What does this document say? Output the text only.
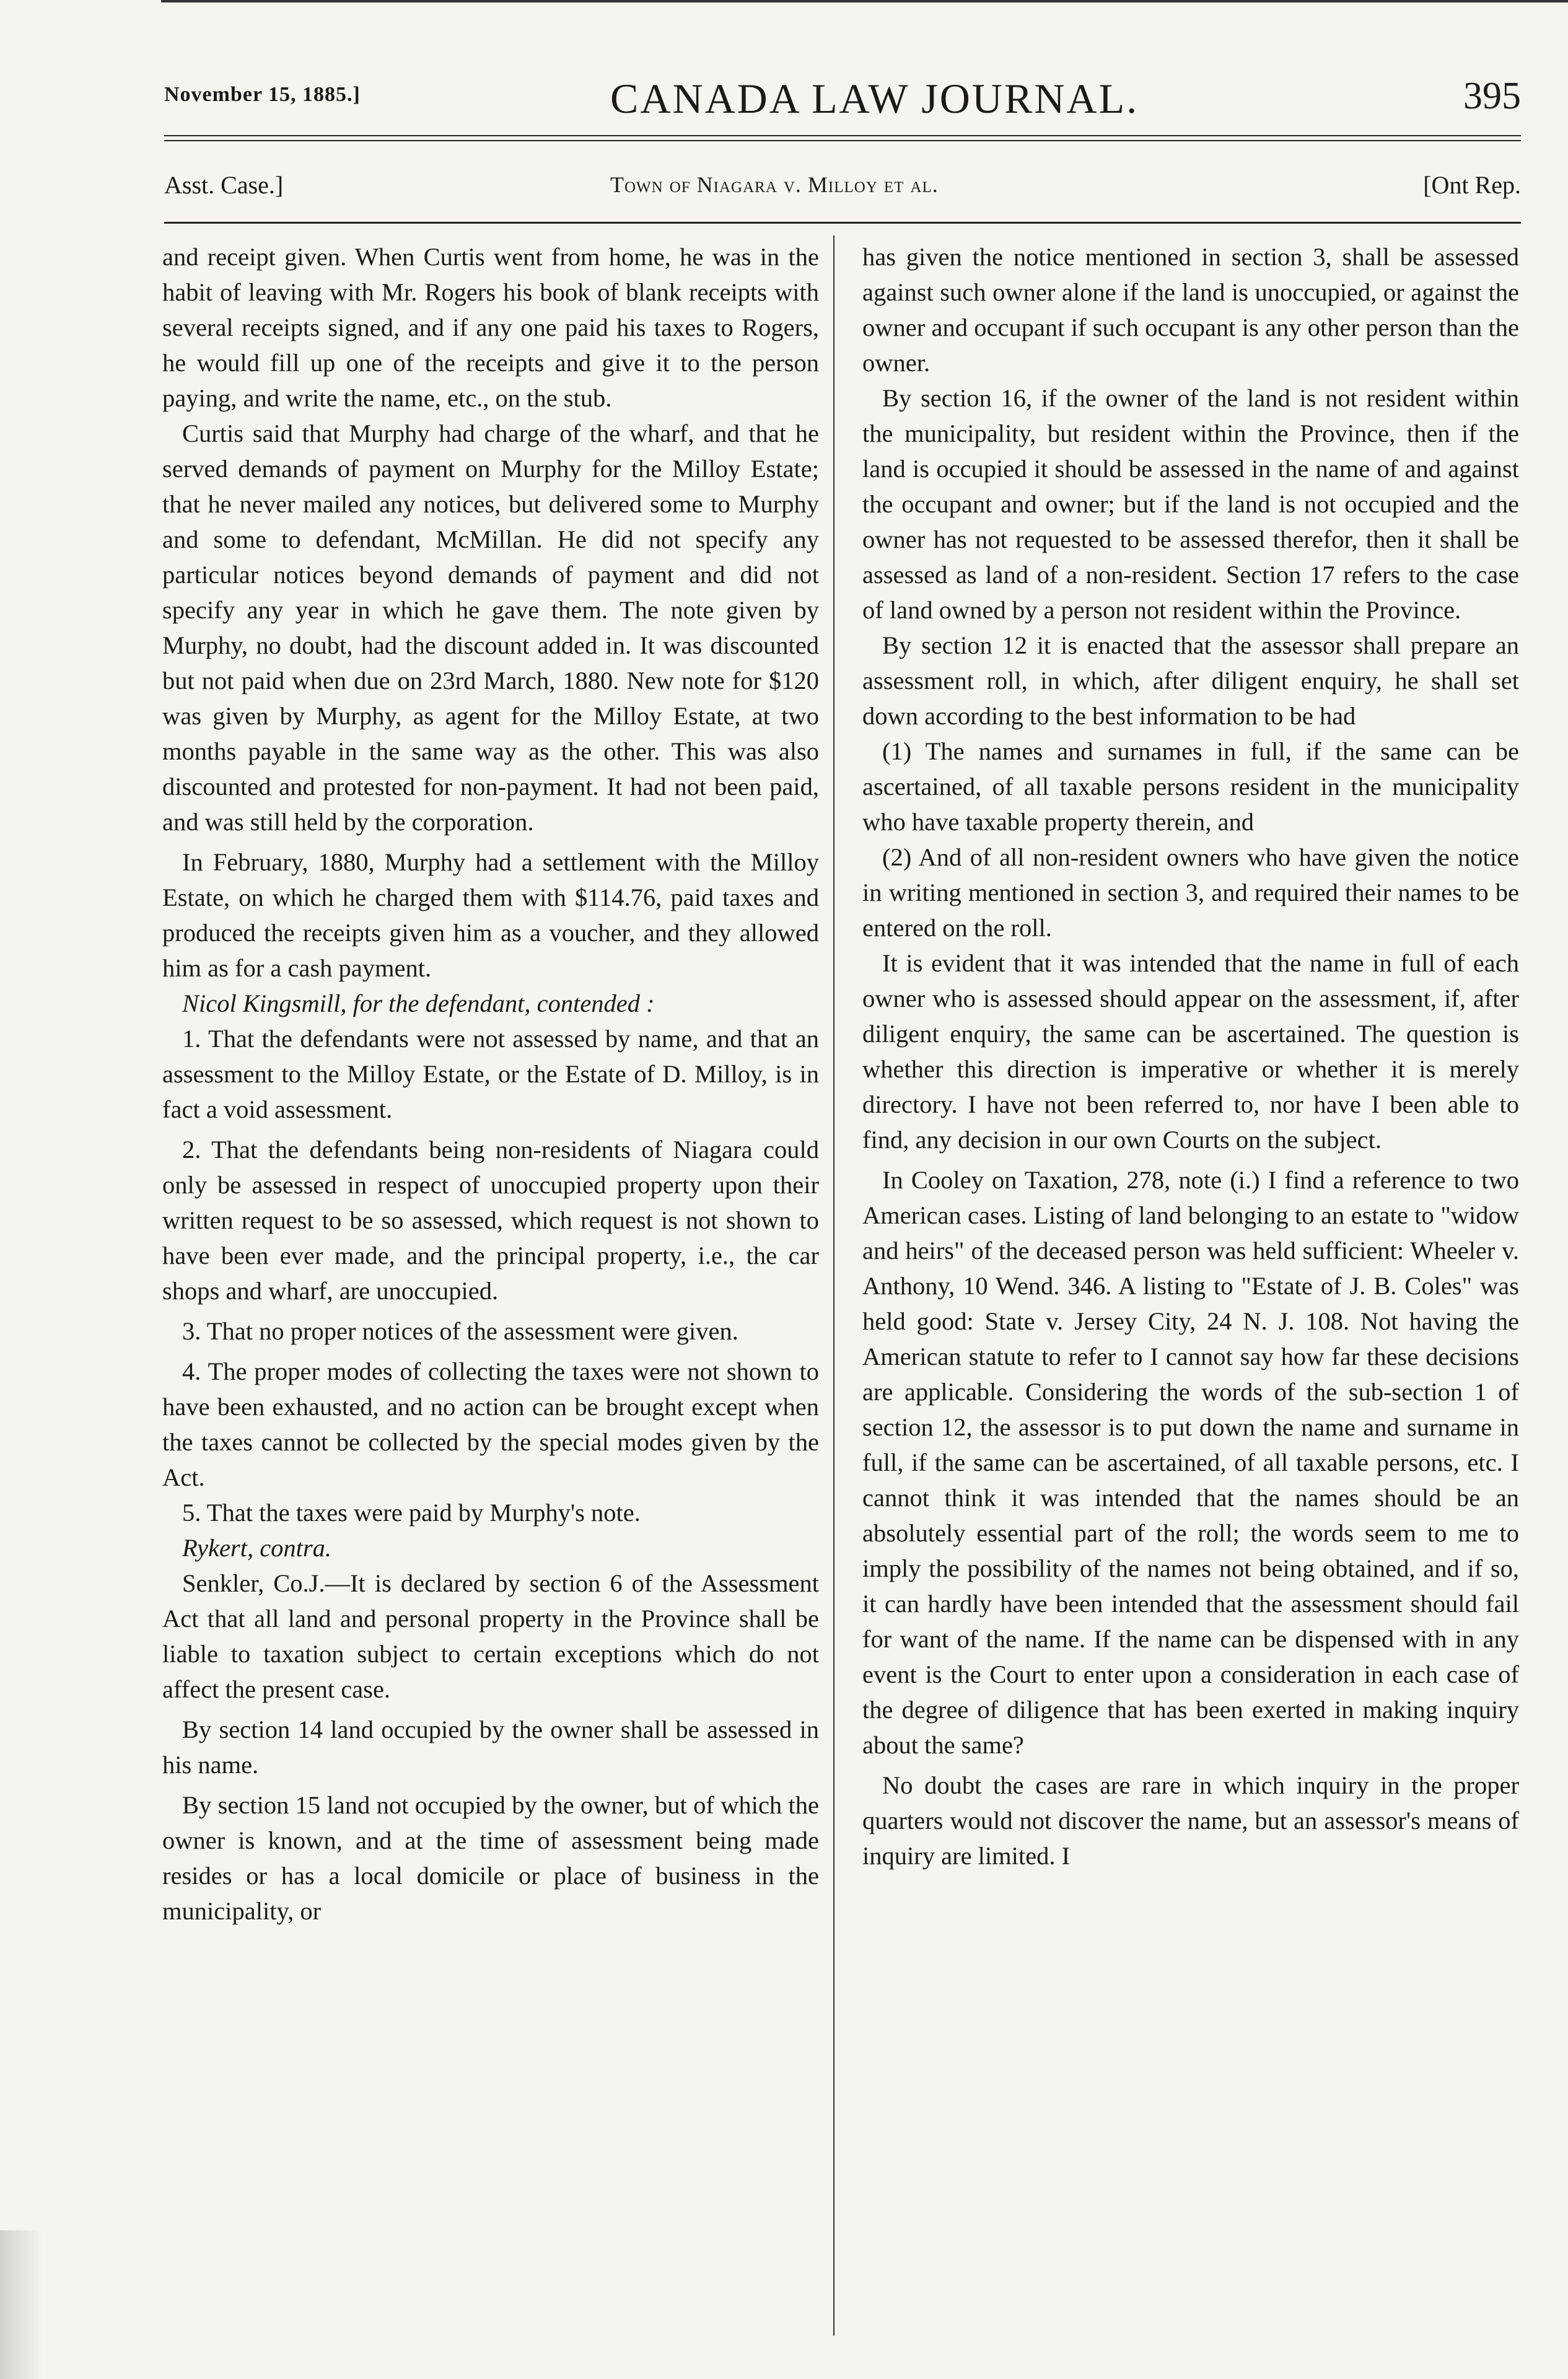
November 15, 1885.]	CANADA LAW JOURNAL.	395
Asst. Case.]	Town of Niagara v. Milloy et al.	[Ont Rep.

and receipt given. When Curtis went from home, he was in the habit of leaving with Mr. Rogers his book of blank receipts with several receipts signed, and if any one paid his taxes to Rogers, he would fill up one of the receipts and give it to the person paying, and write the name, etc., on the stub.

Curtis said that Murphy had charge of the wharf, and that he served demands of payment on Murphy for the Milloy Estate; that he never mailed any notices, but delivered some to Murphy and some to defendant, McMillan. He did not specify any particular notices beyond demands of payment and did not specify any year in which he gave them. The note given by Murphy, no doubt, had the discount added in. It was discounted but not paid when due on 23rd March, 1880. New note for $120 was given by Murphy, as agent for the Milloy Estate, at two months payable in the same way as the other. This was also discounted and protested for non-payment. It had not been paid, and was still held by the corporation.

In February, 1880, Murphy had a settlement with the Milloy Estate, on which he charged them with $114.76, paid taxes and produced the receipts given him as a voucher, and they allowed him as for a cash payment.

Nicol Kingsmill, for the defendant, contended :

1. That the defendants were not assessed by name, and that an assessment to the Milloy Estate, or the Estate of D. Milloy, is in fact a void assessment.

2. That the defendants being non-residents of Niagara could only be assessed in respect of unoccupied property upon their written request to be so assessed, which request is not shown to have been ever made, and the principal property, i.e., the car shops and wharf, are unoccupied.

3. That no proper notices of the assessment were given.

4. The proper modes of collecting the taxes were not shown to have been exhausted, and no action can be brought except when the taxes cannot be collected by the special modes given by the Act.

5. That the taxes were paid by Murphy's note.

Rykert, contra.

Senkler, Co.J.—It is declared by section 6 of the Assessment Act that all land and personal property in the Province shall be liable to taxation subject to certain exceptions which do not affect the present case.

By section 14 land occupied by the owner shall be assessed in his name.

By section 15 land not occupied by the owner, but of which the owner is known, and at the time of assessment being made resides or has a local domicile or place of business in the municipality, or

has given the notice mentioned in section 3, shall be assessed against such owner alone if the land is unoccupied, or against the owner and occupant if such occupant is any other person than the owner.

By section 16, if the owner of the land is not resident within the municipality, but resident within the Province, then if the land is occupied it should be assessed in the name of and against the occupant and owner; but if the land is not occupied and the owner has not requested to be assessed therefor, then it shall be assessed as land of a non-resident. Section 17 refers to the case of land owned by a person not resident within the Province.

By section 12 it is enacted that the assessor shall prepare an assessment roll, in which, after diligent enquiry, he shall set down according to the best information to be had

(1) The names and surnames in full, if the same can be ascertained, of all taxable persons resident in the municipality who have taxable property therein, and

(2) And of all non-resident owners who have given the notice in writing mentioned in section 3, and required their names to be entered on the roll.

It is evident that it was intended that the name in full of each owner who is assessed should appear on the assessment, if, after diligent enquiry, the same can be ascertained. The question is whether this direction is imperative or whether it is merely directory. I have not been referred to, nor have I been able to find, any decision in our own Courts on the subject.

In Cooley on Taxation, 278, note (i.) I find a reference to two American cases. Listing of land belonging to an estate to "widow and heirs" of the deceased person was held sufficient: Wheeler v. Anthony, 10 Wend. 346. A listing to "Estate of J. B. Coles" was held good: State v. Jersey City, 24 N. J. 108. Not having the American statute to refer to I cannot say how far these decisions are applicable. Considering the words of the sub-section 1 of section 12, the assessor is to put down the name and surname in full, if the same can be ascertained, of all taxable persons, etc. I cannot think it was intended that the names should be an absolutely essential part of the roll; the words seem to me to imply the possibility of the names not being obtained, and if so, it can hardly have been intended that the assessment should fail for want of the name. If the name can be dispensed with in any event is the Court to enter upon a consideration in each case of the degree of diligence that has been exerted in making inquiry about the same?

No doubt the cases are rare in which inquiry in the proper quarters would not discover the name, but an assessor's means of inquiry are limited. I
